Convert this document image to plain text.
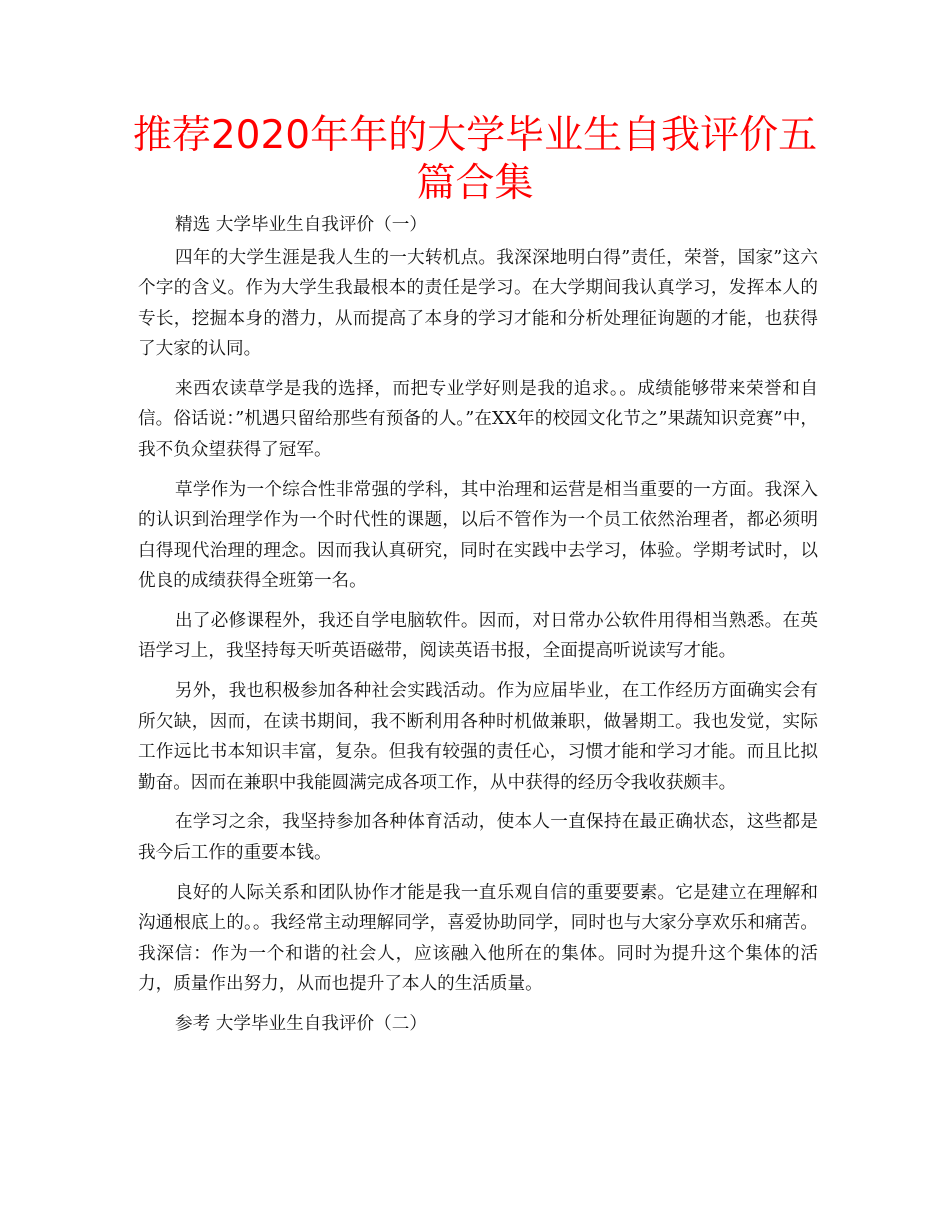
推荐2020年年的大学毕业生自我评价五篇合集

精选 大学毕业生自我评价（一）

四年的大学生涯是我人生的一大转机点。我深深地明白得”责任，荣誉，国家”这六个字的含义。作为大学生我最根本的责任是学习。在大学期间我认真学习，发挥本人的专长，挖掘本身的潜力，从而提高了本身的学习才能和分析处理征询题的才能，也获得了大家的认同。

来西农读草学是我的选择，而把专业学好则是我的追求。。成绩能够带来荣誉和自信。俗话说：”机遇只留给那些有预备的人。”在XX年的校园文化节之”果蔬知识竞赛”中，我不负众望获得了冠军。

草学作为一个综合性非常强的学科，其中治理和运营是相当重要的一方面。我深入的认识到治理学作为一个时代性的课题，以后不管作为一个员工依然治理者，都必须明白得现代治理的理念。因而我认真研究，同时在实践中去学习，体验。学期考试时，以优良的成绩获得全班第一名。

出了必修课程外，我还自学电脑软件。因而，对日常办公软件用得相当熟悉。在英语学习上，我坚持每天听英语磁带，阅读英语书报，全面提高听说读写才能。

另外，我也积极参加各种社会实践活动。作为应届毕业，在工作经历方面确实会有所欠缺，因而，在读书期间，我不断利用各种时机做兼职，做暑期工。我也发觉，实际工作远比书本知识丰富，复杂。但我有较强的责任心，习惯才能和学习才能。而且比拟勤奋。因而在兼职中我能圆满完成各项工作，从中获得的经历令我收获颇丰。

在学习之余，我坚持参加各种体育活动，使本人一直保持在最正确状态，这些都是我今后工作的重要本钱。

良好的人际关系和团队协作才能是我一直乐观自信的重要要素。它是建立在理解和沟通根底上的。。我经常主动理解同学，喜爱协助同学，同时也与大家分享欢乐和痛苦。我深信：作为一个和谐的社会人，应该融入他所在的集体。同时为提升这个集体的活力，质量作出努力，从而也提升了本人的生活质量。

参考 大学毕业生自我评价（二）
